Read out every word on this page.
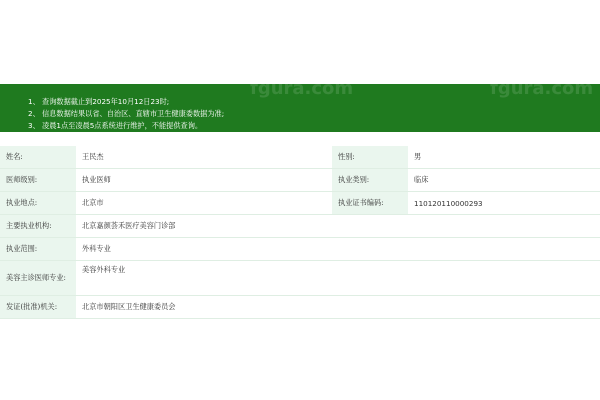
fgura.com	fgura.com
1、 查询数据截止到2025年10月12日23时;
2、 信息数据结果以省、自治区、直辖市卫生健康委数据为准;
3、 凌晨1点至凌晨5点系统进行维护，不能提供查询。
姓名:	王民杰	性别:	男
医师级别:	执业医师	执业类别:	临床
执业地点:	北京市	执业证书编码:	110120110000293
主要执业机构:	北京嘉颜荟禾医疗美容门诊部		
执业范围:	外科专业		
美容主诊医师专业:	美容外科专业		
发证(批准)机关:	北京市朝阳区卫生健康委员会		
